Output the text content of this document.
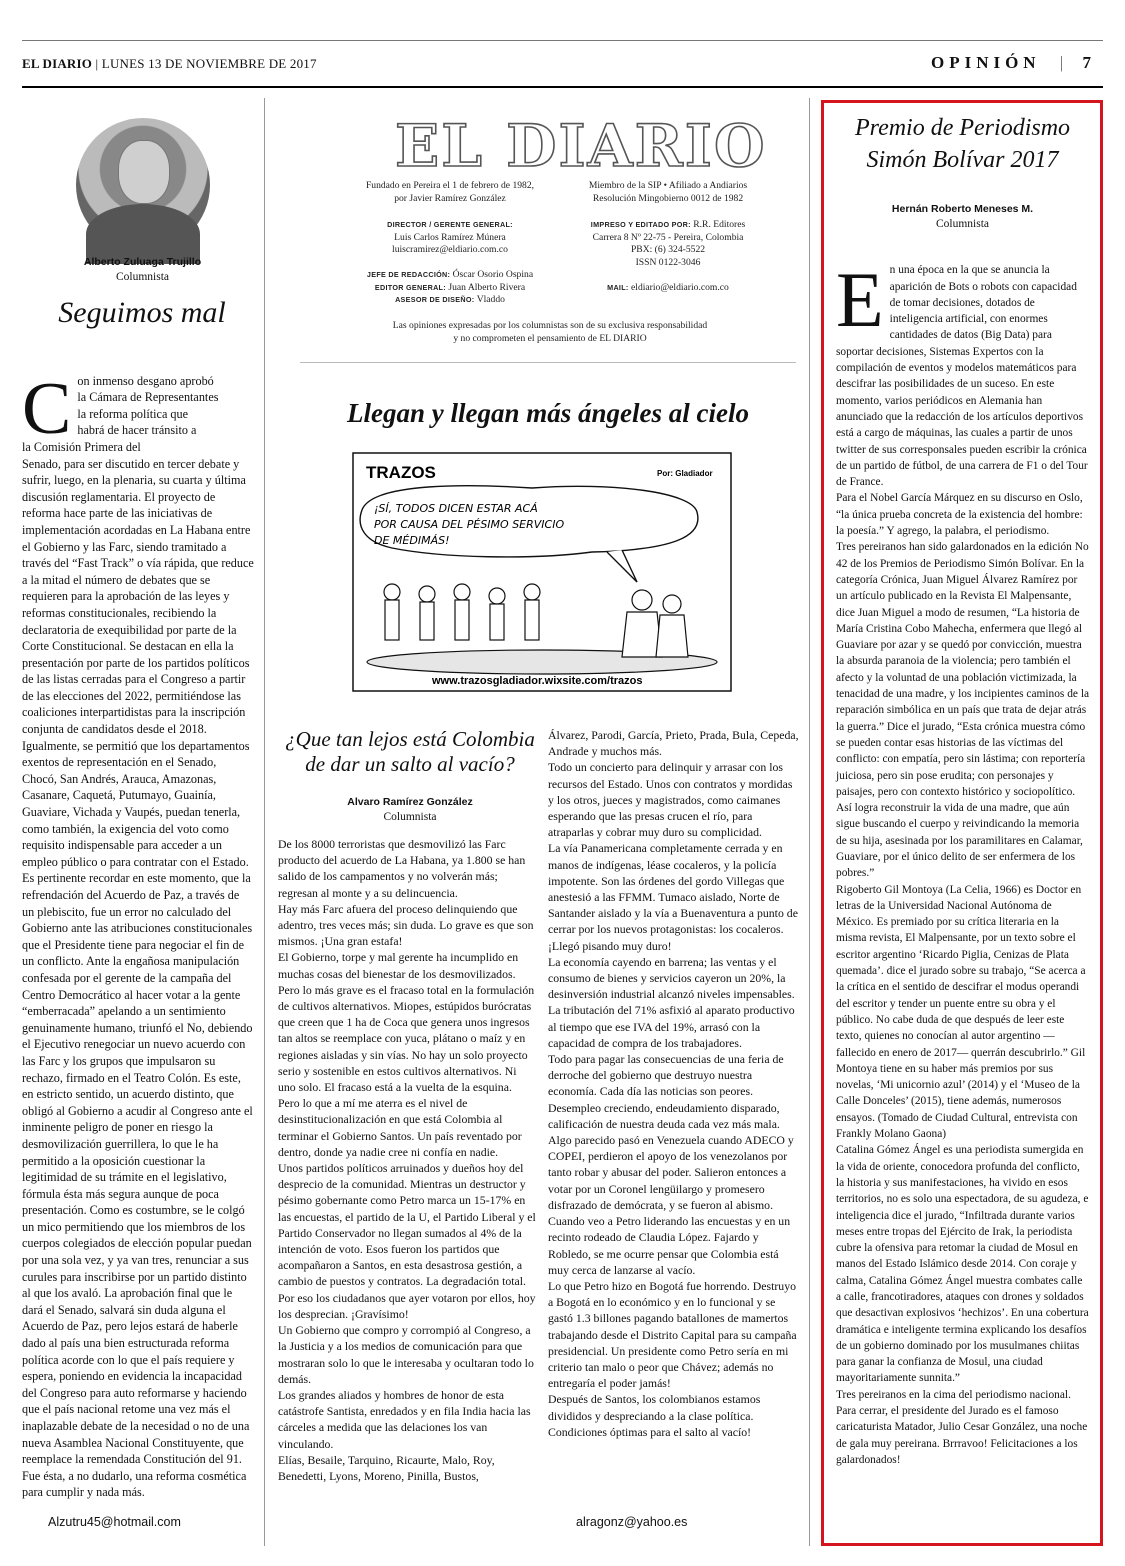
EL DIARIO | LUNES 13 DE NOVIEMBRE DE 2017	OPINIÓN | 7
Alberto Zuluaga Trujillo
Columnista
Seguimos mal

Con inmenso desgano aprobó
la Cámara de Representantes
la reforma política que
habrá de hacer tránsito a
la Comisión Primera del
Senado, para ser discutido en tercer debate y sufrir, luego, en la plenaria, su cuarta y última discusión reglamentaria. El proyecto de reforma hace parte de las iniciativas de implementación acordadas en La Habana entre el Gobierno y las Farc, siendo tramitado a través del “Fast Track” o vía rápida, que reduce a la mitad el número de debates que se requieren para la aprobación de las leyes y reformas constitucionales, recibiendo la declaratoria de exequibilidad por parte de la Corte Constitucional. Se destacan en ella la presentación por parte de los partidos políticos de las listas cerradas para el Congreso a partir de las elecciones del 2022, permitiéndose las coaliciones interpartidistas para la inscripción conjunta de candidatos desde el 2018. Igualmente, se permitió que los departamentos exentos de representación en el Senado, Chocó, San Andrés, Arauca, Amazonas, Casanare, Caquetá, Putumayo, Guainía, Guaviare, Vichada y Vaupés, puedan tenerla, como también, la exigencia del voto como requisito indispensable para acceder a un empleo público o para contratar con el Estado. Es pertinente recordar en este momento, que la refrendación del Acuerdo de Paz, a través de un plebiscito, fue un error no calculado del Gobierno ante las atribuciones constitucionales que el Presidente tiene para negociar el fin de un conflicto. Ante la engañosa manipulación confesada por el gerente de la campaña del Centro Democrático al hacer votar a la gente “emberracada” apelando a un sentimiento genuinamente humano, triunfó el No, debiendo el Ejecutivo renegociar un nuevo acuerdo con las Farc y los grupos que impulsaron su rechazo, firmado en el Teatro Colón. Es este, en estricto sentido, un acuerdo distinto, que obligó al Gobierno a acudir al Congreso ante el inminente peligro de poner en riesgo la desmovilización guerrillera, lo que le ha permitido a la oposición cuestionar la legitimidad de su trámite en el legislativo, fórmula ésta más segura aunque de poca presentación. Como es costumbre, se le colgó un mico permitiendo que los miembros de los cuerpos colegiados de elección popular puedan por una sola vez, y ya van tres, renunciar a sus curules para inscribirse por un partido distinto al que los avaló. La aprobación final que le dará el Senado, salvará sin duda alguna el Acuerdo de Paz, pero lejos estará de haberle dado al país una bien estructurada reforma política acorde con lo que el país requiere y espera, poniendo en evidencia la incapacidad del Congreso para auto reformarse y haciendo que el país nacional retome una vez más el inaplazable debate de la necesidad o no de una nueva Asamblea Nacional Constituyente, que reemplace la remendada Constitución del 91. Fue ésta, a no dudarlo, una reforma cosmética para cumplir y nada más.

Alzutru45@hotmail.com
EL DIARIO
Fundado en Pereira el 1 de febrero de 1982,
por Javier Ramírez González
Miembro de la SIP • Afiliado a Andiarios
Resolución Mingobierno 0012 de 1982
DIRECTOR / GERENTE GENERAL:
Luis Carlos Ramírez Múnera
luiscramirez@eldiario.com.co
IMPRESO Y EDITADO POR: R.R. Editores
Carrera 8 Nº 22-75 - Pereira, Colombia
PBX: (6) 324-5522
ISSN 0122-3046
JEFE DE REDACCIÓN: Óscar Osorio Ospina
EDITOR GENERAL: Juan Alberto Rivera
ASESOR DE DISEÑO: Vladdo
MAIL: eldiario@eldiario.com.co
Las opiniones expresadas por los columnistas son de su exclusiva responsabilidad
y no comprometen el pensamiento de EL DIARIO
Llegan y llegan más ángeles al cielo
TRAZOS	Por: Gladiador
¡SÍ, TODOS DICEN ESTAR ACÁ POR CAUSA DEL PÉSIMO SERVICIO DE MÉDIMÁS!
www.trazosgladiador.wixsite.com/trazos
¿Que tan lejos está Colombia de dar un salto al vacío?
Alvaro Ramírez González
Columnista
De los 8000 terroristas que desmovilizó las Farc producto del acuerdo de La Habana, ya 1.800 se han salido de los campamentos y no volverán más; regresan al monte y a su delincuencia.
Hay más Farc afuera del proceso delinquiendo que adentro, tres veces más; sin duda. Lo grave es que son mismos. ¡Una gran estafa!
El Gobierno, torpe y mal gerente ha incumplido en muchas cosas del bienestar de los desmovilizados.
Pero lo más grave es el fracaso total en la formulación de cultivos alternativos. Miopes, estúpidos burócratas que creen que 1 ha de Coca que genera unos ingresos tan altos se reemplace con yuca, plátano o maíz y en regiones aisladas y sin vías. No hay un solo proyecto serio y sostenible en estos cultivos alternativos. Ni uno solo. El fracaso está a la vuelta de la esquina.
Pero lo que a mí me aterra es el nivel de desinstitucionalización en que está Colombia al terminar el Gobierno Santos. Un país reventado por dentro, donde ya nadie cree ni confía en nadie.
Unos partidos políticos arruinados y dueños hoy del desprecio de la comunidad. Mientras un destructor y pésimo gobernante como Petro marca un 15-17% en las encuestas, el partido de la U, el Partido Liberal y el Partido Conservador no llegan sumados al 4% de la intención de voto. Esos fueron los partidos que acompañaron a Santos, en esta desastrosa gestión, a cambio de puestos y contratos. La degradación total. Por eso los ciudadanos que ayer votaron por ellos, hoy los desprecian. ¡Gravísimo!
Un Gobierno que compro y corrompió al Congreso, a la Justicia y a los medios de comunicación para que mostraran solo lo que le interesaba y ocultaran todo lo demás.
Los grandes aliados y hombres de honor de esta catástrofe Santista, enredados y en fila India hacia las cárceles a medida que las delaciones los van vinculando.
Elías, Besaile, Tarquino, Ricaurte, Malo, Roy, Benedetti, Lyons, Moreno, Pinilla, Bustos,
Álvarez, Parodi, García, Prieto, Prada, Bula, Cepeda, Andrade y muchos más.
Todo un concierto para delinquir y arrasar con los recursos del Estado. Unos con contratos y mordidas y los otros, jueces y magistrados, como caimanes esperando que las presas crucen el río, para atraparlas y cobrar muy duro su complicidad.
La vía Panamericana completamente cerrada y en manos de indígenas, léase cocaleros, y la policía impotente. Son las órdenes del gordo Villegas que anestesió a las FFMM. Tumaco aislado, Norte de Santander aislado y la vía a Buenaventura a punto de cerrar por los nuevos protagonistas: los cocaleros.
¡Llegó pisando muy duro!
La economía cayendo en barrena; las ventas y el consumo de bienes y servicios cayeron un 20%, la desinversión industrial alcanzó niveles impensables. La tributación del 71% asfixió al aparato productivo al tiempo que ese IVA del 19%, arrasó con la capacidad de compra de los trabajadores.
Todo para pagar las consecuencias de una feria de derroche del gobierno que destruyo nuestra economía. Cada día las noticias son peores. Desempleo creciendo, endeudamiento disparado, calificación de nuestra deuda cada vez más mala.
Algo parecido pasó en Venezuela cuando ADECO y COPEI, perdieron el apoyo de los venezolanos por tanto robar y abusar del poder. Salieron entonces a votar por un Coronel lengüilargo y promesero disfrazado de demócrata, y se fueron al abismo.
Cuando veo a Petro liderando las encuestas y en un recinto rodeado de Claudia López. Fajardo y Robledo, se me ocurre pensar que Colombia está muy cerca de lanzarse al vacío.
Lo que Petro hizo en Bogotá fue horrendo. Destruyo a Bogotá en lo económico y en lo funcional y se gastó 1.3 billones pagando batallones de mamertos trabajando desde el Distrito Capital para su campaña presidencial. Un presidente como Petro sería en mi criterio tan malo o peor que Chávez; además no entregaría el poder jamás!
Después de Santos, los colombianos estamos divididos y despreciando a la clase política.
Condiciones óptimas para el salto al vacío!
alragonz@yahoo.es
Premio de Periodismo Simón Bolívar 2017
Hernán Roberto Meneses M.
Columnista

En una época en la que se anuncia la aparición de Bots o robots con capacidad de tomar decisiones, dotados de inteligencia artificial, con enormes cantidades de datos (Big Data) para soportar decisiones, Sistemas Expertos con la compilación de eventos y modelos matemáticos para descifrar las posibilidades de un suceso. En este momento, varios periódicos en Alemania han anunciado que la redacción de los artículos deportivos está a cargo de máquinas, las cuales a partir de unos twitter de sus corresponsales pueden escribir la crónica de un partido de fútbol, de una carrera de F1 o del Tour de France.
Para el Nobel García Márquez en su discurso en Oslo, “la única prueba concreta de la existencia del hombre: la poesía.” Y agrego, la palabra, el periodismo.
Tres pereiranos han sido galardonados en la edición No 42 de los Premios de Periodismo Simón Bolívar. En la categoría Crónica, Juan Miguel Álvarez Ramírez por un artículo publicado en la Revista El Malpensante, dice Juan Miguel a modo de resumen, “La historia de María Cristina Cobo Mahecha, enfermera que llegó al Guaviare por azar y se quedó por convicción, muestra la absurda paranoia de la violencia; pero también el afecto y la voluntad de una población victimizada, la tenacidad de una madre, y los incipientes caminos de la reparación simbólica en un país que trata de dejar atrás la guerra.” Dice el jurado, “Esta crónica muestra cómo se pueden contar esas historias de las víctimas del conflicto: con empatía, pero sin lástima; con reportería juiciosa, pero sin pose erudita; con personajes y paisajes, pero con contexto histórico y sociopolítico. Así logra reconstruir la vida de una madre, que aún sigue buscando el cuerpo y reivindicando la memoria de su hija, asesinada por los paramilitares en Calamar, Guaviare, por el único delito de ser enfermera de los pobres.”
Rigoberto Gil Montoya (La Celia, 1966) es Doctor en letras de la Universidad Nacional Autónoma de México. Es premiado por su crítica literaria en la misma revista, El Malpensante, por un texto sobre el escritor argentino ‘Ricardo Piglia, Cenizas de Plata quemada’. dice el jurado sobre su trabajo, “Se acerca a la crítica en el sentido de descifrar el modus operandi del escritor y tender un puente entre su obra y el público. No cabe duda de que después de leer este texto, quienes no conocían al autor argentino —fallecido en enero de 2017— querrán descubrirlo.” Gil Montoya tiene en su haber más premios por sus novelas, ‘Mi unicornio azul’ (2014) y el ‘Museo de la Calle Donceles’ (2015), tiene además, numerosos ensayos. (Tomado de Ciudad Cultural, entrevista con Frankly Molano Gaona)
Catalina Gómez Ángel es una periodista sumergida en la vida de oriente, conocedora profunda del conflicto, la historia y sus manifestaciones, ha vivido en esos territorios, no es solo una espectadora, de su agudeza, e inteligencia dice el jurado, “Infiltrada durante varios meses entre tropas del Ejército de Irak, la periodista cubre la ofensiva para retomar la ciudad de Mosul en manos del Estado Islámico desde 2014. Con coraje y calma, Catalina Gómez Ángel muestra combates calle a calle, francotiradores, ataques con drones y soldados que desactivan explosivos ‘hechizos’. En una cobertura dramática e inteligente termina explicando los desafíos de un gobierno dominado por los musulmanes chiitas para ganar la confianza de Mosul, una ciudad mayoritariamente sunnita.”
Tres pereiranos en la cima del periodismo nacional. Para cerrar, el presidente del Jurado es el famoso caricaturista Matador, Julio Cesar González, una noche de gala muy pereirana. Brrravoo! Felicitaciones a los galardonados!
